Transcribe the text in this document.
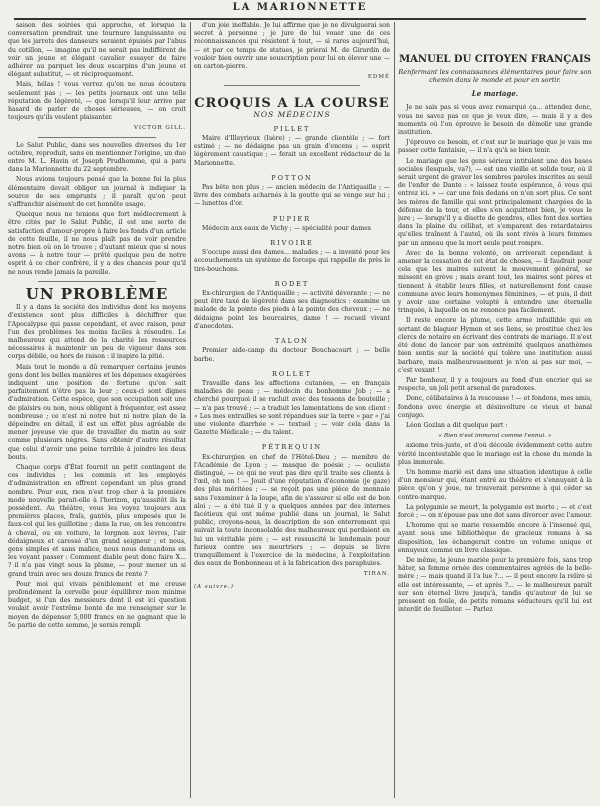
LA MARIONNETTE

saison des soirées qui approche, et lorsque la conversation prendrait une tournure languissante ou que les jarrets des danseurs seraient épuisés par l'abus du cotillon, — imagine qu'il ne serait pas indifférent de voir un jeune et élégant cavalier essayer de faire adhérer au parquet les deux escarpins d'un jeune et élégant substitut, — et réciproquement.

Mais, hélas ! vous verrez qu'on ne nous écoutera seulement pas ; — les petits journaux ont une telle réputation de légèreté, — que lorsqu'il leur arrive par hasard de parler de choses sérieuses, — on croit toujours qu'ils veulent plaisanter.

VICTOR GILL.

Le Salut Public, dans ses nouvelles diverses du 1er octobre, reproduit, sans en mentionner l'origine, un duo entre M. L. Havin et Joseph Prudhomme, qui a paru dans la Marionnette du 22 septembre.

Nous avions toujours pensé que la bonne foi la plus élémentaire devait obliger un journal à indiquer la source de ses emprunts ; il paraît qu'on peut s'affranchir aisément de cet honnête usage.

Quoique nous ne tenions que fort médiocrement à être cités par le Salut Public, il est une sorte de satisfaction d'amour-propre à faire les fonds d'un article de cette feuille, il ne nous plaît pas de voir prendre notre bien où on le trouve ; d'autant mieux que si nous avons — à notre tour — prêté quelque peu de notre esprit à ce cher confrère, il y a des chances pour qu'il ne nous rende jamais la pareille.

UN PROBLÈME

Il y a dans la société des individus dont les moyens d'existence sont plus difficiles à déchiffrer que l'Apocalypse qui passe cependant, et avec raison, pour l'un des problèmes les moins faciles à résoudre. Le malheureux qui attend de la charité les ressources nécessaires à maintenir un peu de vigueur dans son corps débile, ou hors de raison : il inspire la pitié.

Mais tout le monde a dû remarquer certains jeunes gens dont les belles manières et les dépenses exagérées indiquent une position de fortune qu'on sait parfaitement n'être pas la leur ; ceux-ci sont dignes d'admiration. Cette espèce, que son occupation soit une de plaisirs ou non, nous obligent à fréquenter, est assez nombreuse ; ce n'est ni notre but ni notre plan de la dépeindre en détail, il est un effet plus agréable de mener joyeuse vie que de travailler du matin au soir comme plusieurs nègres. Sans obtenir d'autre résultat que celui d'avoir une peine terrible à joindre les deux bouts.

Chaque corps d'État fournit un petit contingent de ces individus ; les commis et les employés d'administration en offrent cependant un plus grand nombre. Pour eux, rien n'est trop cher à la première mode nouvelle parait-elle à l'horizon, qu'aussitôt ils la possèdent. Au théâtre, vous les voyez toujours aux premières places, fraîs, gantés, plus empesés que le faux-col qui les guillotine ; dans la rue, on les rencontre à cheval, ou en voiture, le lorgnon aux lèvres, l'air dédaigneux et caressé d'un grand seigneur ; et nous, gens simples et sans malice, nous nous demandons en les voyant passer : Comment diable peut donc faire X... ? il n'a pas vingt sous la plume, — pour mener un si grand train avec ses douze francs de rente ?

Pour moi qui vivais péniblement et me creuse profondément la cervelle pour équilibrer mon minime budget, si l'un des messieurs dont il est ici question voulait avoir l'extrême bonté de me renseigner sur le moyen de dépenser 5,000 francs en ne gagnant que le 5e partie de cette somme, je serais rempli

d'un joie ineffable. Je lui affirme que je ne divulguerai son secret à personne ; je jure de lui vouer une de ces reconnaissances qui résistent à tout, — si rares aujourd'hui, — et par ce temps de statues, je prierai M. de Girardin de vouloir bien ouvrir une souscription pour lui en élever une — en carton-pierre.

EDMÉ
CROQUIS A LA COURSE
NOS MÉDECINS
PILLET

Maire d'Illeyrieux (Isère) ; — grande clientèle ; — fort estimé ; — ne dédaigne pas un grain d'encens ; — esprit légèrement caustique ; — ferait un excellent rédacteur de la Marionnette.

POTTON

Pas bête non plus ; — ancien médecin de l'Antiquaille ; — livre des combats acharnés à la goutte qui se venge sur lui ; — lunettes d'or.

PUPIER

Médecin aux eaux de Vichy ; — spécialité pour dames

RIVOIRE

S'occupe aussi des dames... malades ; — a inventé pour les accouchements un système de forceps qui rappelle de près le tire-bouchons.

RODET

Ex-chirurgien de l'Antiquaille ; — activité dévorante ; — ne peut être taxé de légèreté dans ses diagnostics : examine un malade de la pointe des pieds à la pointe des cheveux ; — ne dédaigne point les bourcaires, dame ! — recueil vivant d'anecdotes.

TALON

Premier aide-camp du docteur Bouchacourt ; — belle barbe.

ROLLET

Travaille dans les affections cutanées, — en français maladies de peau ; — médecin du bonhomme Job ; — a cherché pourquoi il se racluit avec des tessons de bouteille ; — n'a pas trouvé ; — a traduit les lamentations de son client : « Les mes entrailles se sont répandues sur la terre » par « j'ai une violente diarrhée » — textuel ; — voir cela dans la Gazette Médicale ; — du talent.

PÉTREQUIN

Ex-chirurgien en chef de l'Hôtel-Dieu ; — membre de l'Académie de Lyon ; — masque de poésie ; — oculiste distingué, — ce qui ne veut pas dire qu'il traite ses clients à l'œil, oh non ! — Jouit d'une réputation d'économie (je gaze) des plus méritées ; — se reçoit pas une pièce de monnaie sans l'examiner à la loupe, afin de s'assurer si elle est de bon aloi ; — a été tué il y a quelques années par des internes facétieux qui ont même publié dans un journal, le Salut public, croyons-nous, la description de son enterrement qui suivait la toute inconsolable des malheureux qui perdaient en lui un véritable père ; — est ressuscité le lendemain pour furieux contre ses meurtriers ; — depuis se livre tranquillement à l'exercice de la médecine, à l'exploitation des eaux de Bonbonneau et à la fabrication des paraphuies.

TIRAN.
(A suivre.)
MANUEL DU CITOYEN FRANÇAIS
Renfermant les connaissances élémentaires pour faire son chemin dans le monde et pour en sortir.
Le mariage.

Je ne sais pas si vous avez remarqué ça... attendez donc, vous ne savez pas ce que je veux dire, — mais il y a des moments où l'on éprouve le besoin de démolir une grande institution.

J'éprouve ce besoin, et c'est sur le mariage que je vais me passer cette fantaisie, — il n'a qu'à se bien tenir.

Le mariage que les gens sérieux intitulent une des bases sociales (lesquels, va?), — est une vieille et solide tour, où il serait urgent de graver les sombres paroles inscrites au seuil de l'enfer de Dante : « laissez toute espérance, ô vous qui entrez ici. » — car une fois dedans on n'en sort plus. Ce sont les mères de famille qui sont principalement chargées de la défense de la tour, et elles s'en acquittent bien, je vous le jure ; — lorsqu'il y a disette de gendres, elles font des sorties dans la plaine du célibat, et s'emparent des retardataires qu'elles traînent à l'autel, où ils sont rivés à leurs femmes par un anneau que la mort seule peut rompre.

Avec de la bonne volonté, on arriverait cependant à amener la cessation de cet état de choses, — il faudrait pour cela que les maires suivent le mouvement général, se missent en grève ; mais avant tout, les maires sont pères et tiennent à établir leurs filles, et naturellement font cause commune avec leurs homonymes féminines, — et puis, il doit y avoir une certaine volupté à entendre une éternelle trinquée, à laquelle on ne renonce pas facilement.

Il reste encore la plume, cette arme infaillible qui en sortant de blaguer Hymen et ses liens, se prostitue chez les clercs de notaire en écrivant des contrats de mariage. Il n'est été donc de lancer par son extrémité quelques anathèmes bien sentis sur la société qui tolère une institution aussi barbare, mais malheureusement je n'en ai pas sur moi, — c'est vexant !

Par bonheur, il y a toujours au fond d'un encrier qui se respecte, un joli petit arsenal de paradoxes.

Donc, célibataires à la rescousse ! — et fondons, mes amis, fondons avec énergie et désinvolture ce vieux et banal conjugo.

Léon Gozlan a dit quelque part :

« Rien n'est immoral comme l'ennui. »

axiome très-juste, et d'où découle évidemment cette autre vérité incontestable que le mariage est la chose du monde la plus immorale.

Un homme marié est dans une situation identique à celle d'un monsieur qui, étant entré au théâtre et s'ennuyant à la pièce qu'on y joue, ne trouverait personne à qui céder sa contre-marque.

La polygamie se meurt, la polygamie est morte ; — et c'est forcé ; — on n'épouse pas une dot sans divorcer avec l'amour.

L'homme qui se marie ressemble encore à l'insensé qui, ayant sous une bibliothèque de gracieux romans à sa disposition, les échangerait contre un volume unique et ennuyeux comme un livre classique.

De même, la jeune mariée pour la première fois, sans trop hâter, sa femme ornée des commentaires agréés de la belle-mère ; — mais quand il l'a lue ?... — il peut encore la relire si elle est intéressante, — et après ?... — le malheureux paraît sur son éternel livre jusqu'à, tandis qu'autour de lui se pressent en foule, de petits romans séducteurs qu'il lui est interdit de feuilleter. — Parlez
